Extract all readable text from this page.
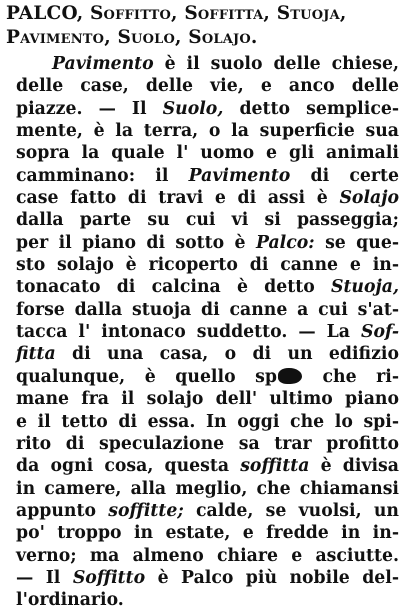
PALCO, Soffitto, Soffitta, Stuoja,
Pavimento, Suolo, Solajo.
Pavimento è il suolo delle chiese,
delle case, delle vie, e anco delle
piazze. — Il Suolo, detto semplice-
mente, è la terra, o la superficie sua
sopra la quale l' uomo e gli animali
camminano: il Pavimento di certe
case fatto di travi e di assi è Solajo
dalla parte su cui vi si passeggia;
per il piano di sotto è Palco: se que-
sto solajo è ricoperto di canne e in-
tonacato di calcina è detto Stuoja,
forse dalla stuoja di canne a cui s'at-
tacca l' intonaco suddetto. — La Sof-
fitta di una casa, o di un edifizio
qualunque, è quello sp che ri-
mane fra il solajo dell' ultimo piano
e il tetto di essa. In oggi che lo spi-
rito di speculazione sa trar profitto
da ogni cosa, questa soffitta è divisa
in camere, alla meglio, che chiamansi
appunto soffitte; calde, se vuolsi, un
po' troppo in estate, e fredde in in-
verno; ma almeno chiare e asciutte.
— Il Soffitto è Palco più nobile del-
l'ordinario.
